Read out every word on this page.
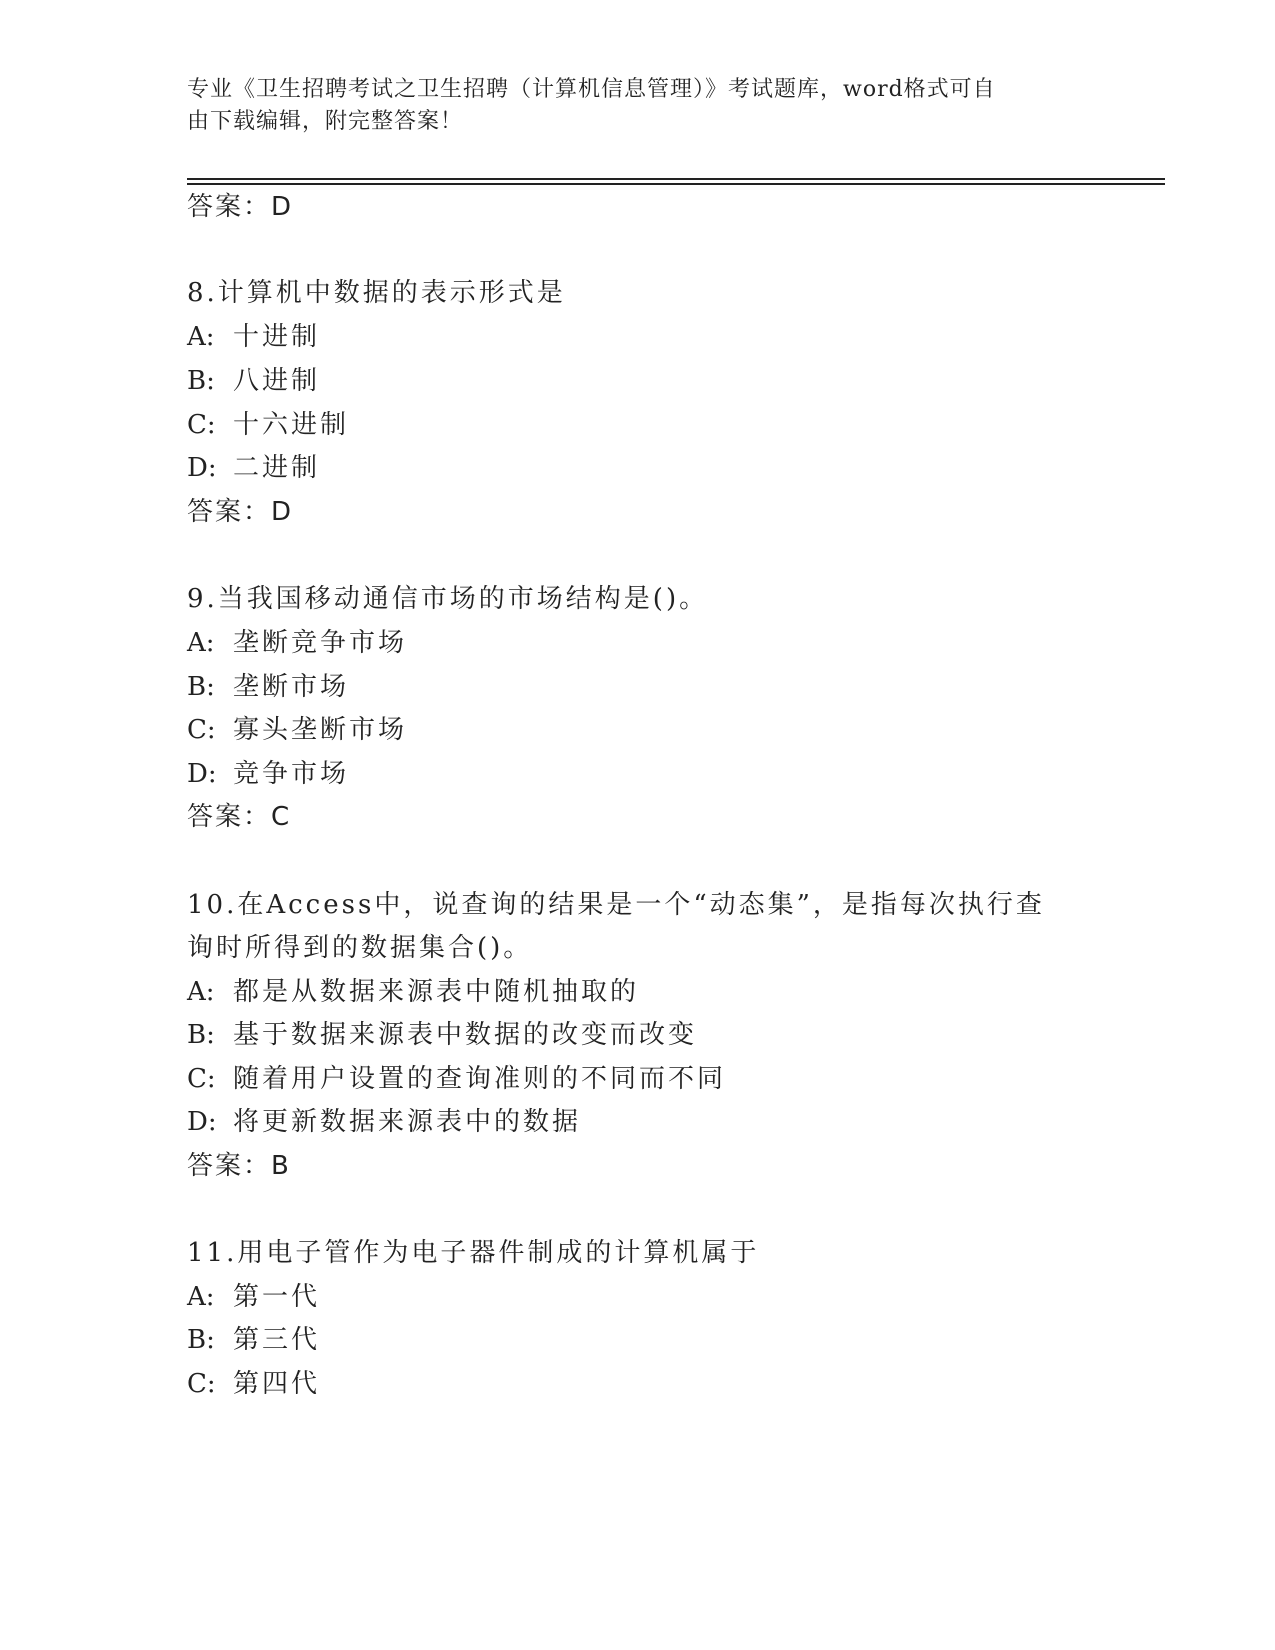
专业《卫生招聘考试之卫生招聘（计算机信息管理）》考试题库，word格式可自
由下载编辑，附完整答案！
答案：D
8.计算机中数据的表示形式是
A: 十进制
B: 八进制
C: 十六进制
D: 二进制
答案：D
9.当我国移动通信市场的市场结构是()。
A: 垄断竞争市场
B: 垄断市场
C: 寡头垄断市场
D: 竞争市场
答案：C
10.在Access中，说查询的结果是一个“动态集”，是指每次执行查
询时所得到的数据集合()。
A: 都是从数据来源表中随机抽取的
B: 基于数据来源表中数据的改变而改变
C: 随着用户设置的查询准则的不同而不同
D: 将更新数据来源表中的数据
答案：B
11.用电子管作为电子器件制成的计算机属于
A: 第一代
B: 第三代
C: 第四代
